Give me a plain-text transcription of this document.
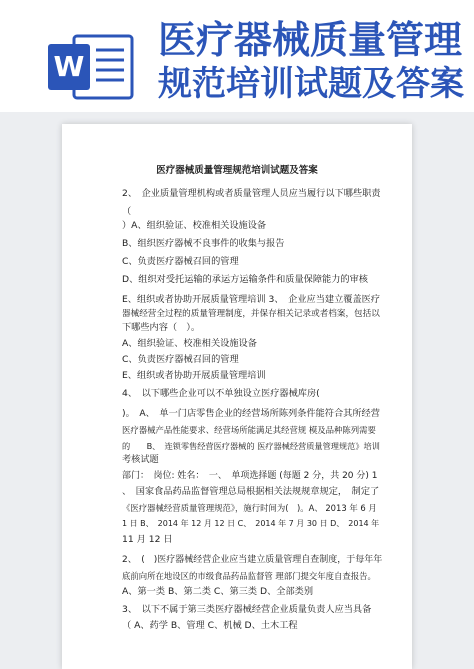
W
医疗器械质量管理
规范培训试题及答案
医疗器械质量管理规范培训试题及答案
2、　企业质量管理机构或者质量管理人员应当履行以下哪些职责
（
）A、组织验证、校准相关设施设备
B、组织医疗器械不良事件的收集与报告
C、负责医疗器械召回的管理
D、组织对受托运输的承运方运输条件和质量保障能力的审核
E、组织或者协助开展质量管理培训 3、　企业应当建立覆盖医疗
器械经营全过程的质量管理制度，并保存相关记录或者档案，包括以
下哪些内容（　）。
A、组织验证、校准相关设施设备
C、负责医疗器械召回的管理
E、组织或者协助开展质量管理培训
4、　以下哪些企业可以不单独设立医疗器械库房(
)。　A、　单一门店零售企业的经营场所陈列条件能符合其所经营
医疗器械产品性能要求、经营场所能满足其经营规 模及品种陈列需要
的　　B、　连锁零售经营医疗器械的 医疗器械经营质量管理规范》培训
考核试题
部门：　岗位: 姓名：　一、　单项选择题 (每题 2 分，共 20 分) 1
、　国家食品药品监督管理总局根据相关法规规章规定，　制定了
《医疗器械经营质量管理规范》，施行时间为(　)。A、 2013 年 6 月
1 日 B、　2014 年 12 月 12 日 C、　2014 年 7 月 30 日 D、　2014 年
11 月 12 日
2、　(　)医疗器械经营企业应当建立质量管理自查制度，于每年年
底前向所在地设区的市级食品药品监督管 理部门提交年度自查报告。
A、第一类 B、第二类 C、第三类 D、全部类别
3、　以下不属于第三类医疗器械经营企业质量负责人应当具备
（ A、药学 B、管理 C、机械 D、土木工程
